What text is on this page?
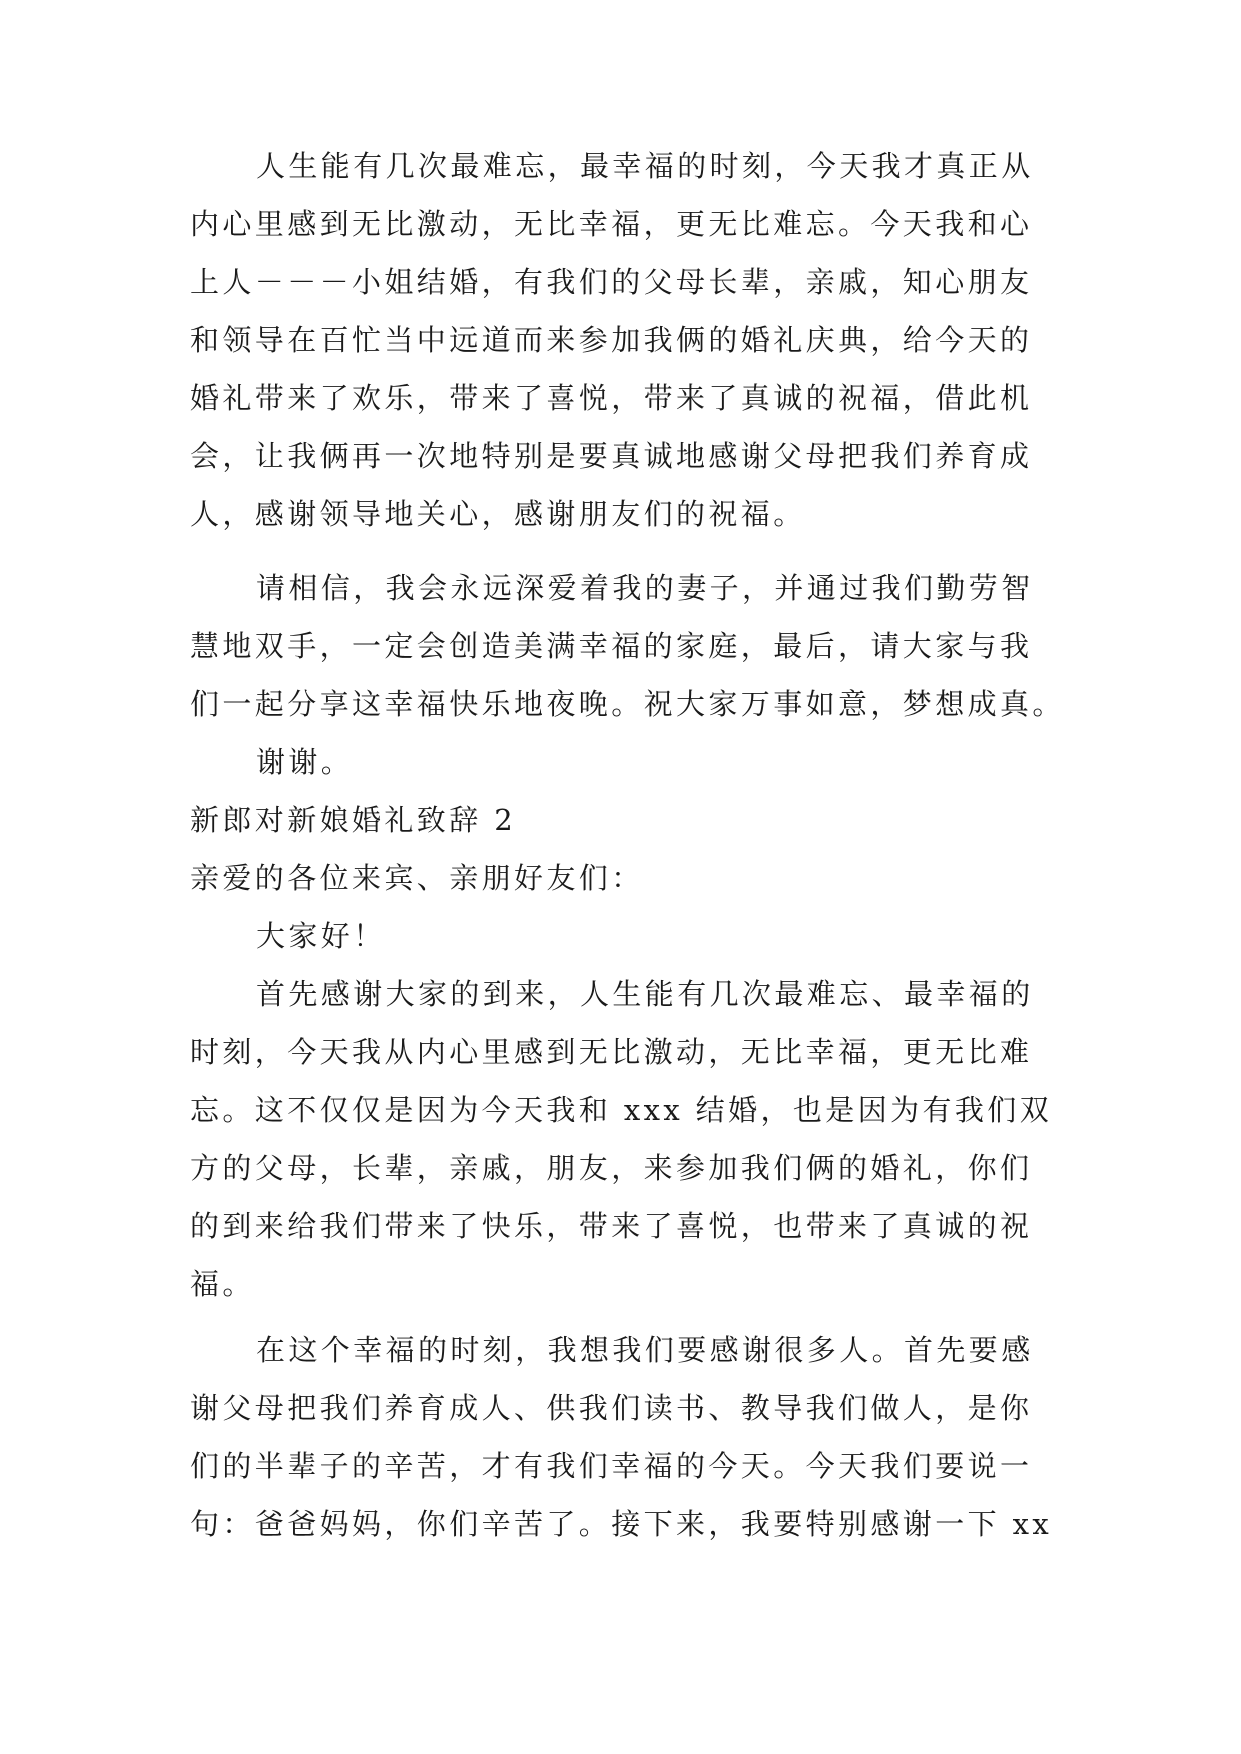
人生能有几次最难忘，最幸福的时刻，今天我才真正从
内心里感到无比激动，无比幸福，更无比难忘。今天我和心
上人－－－小姐结婚，有我们的父母长辈，亲戚，知心朋友
和领导在百忙当中远道而来参加我俩的婚礼庆典，给今天的
婚礼带来了欢乐，带来了喜悦，带来了真诚的祝福，借此机
会，让我俩再一次地特别是要真诚地感谢父母把我们养育成
人，感谢领导地关心，感谢朋友们的祝福。
请相信，我会永远深爱着我的妻子，并通过我们勤劳智
慧地双手，一定会创造美满幸福的家庭，最后，请大家与我
们一起分享这幸福快乐地夜晚。祝大家万事如意，梦想成真。
谢谢。
新郎对新娘婚礼致辞 2
亲爱的各位来宾、亲朋好友们：
大家好！
首先感谢大家的到来，人生能有几次最难忘、最幸福的
时刻，今天我从内心里感到无比激动，无比幸福，更无比难
忘。这不仅仅是因为今天我和 xxx 结婚，也是因为有我们双
方的父母，长辈，亲戚，朋友，来参加我们俩的婚礼，你们
的到来给我们带来了快乐，带来了喜悦，也带来了真诚的祝
福。
在这个幸福的时刻，我想我们要感谢很多人。首先要感
谢父母把我们养育成人、供我们读书、教导我们做人，是你
们的半辈子的辛苦，才有我们幸福的今天。今天我们要说一
句：爸爸妈妈，你们辛苦了。接下来，我要特别感谢一下 xx
